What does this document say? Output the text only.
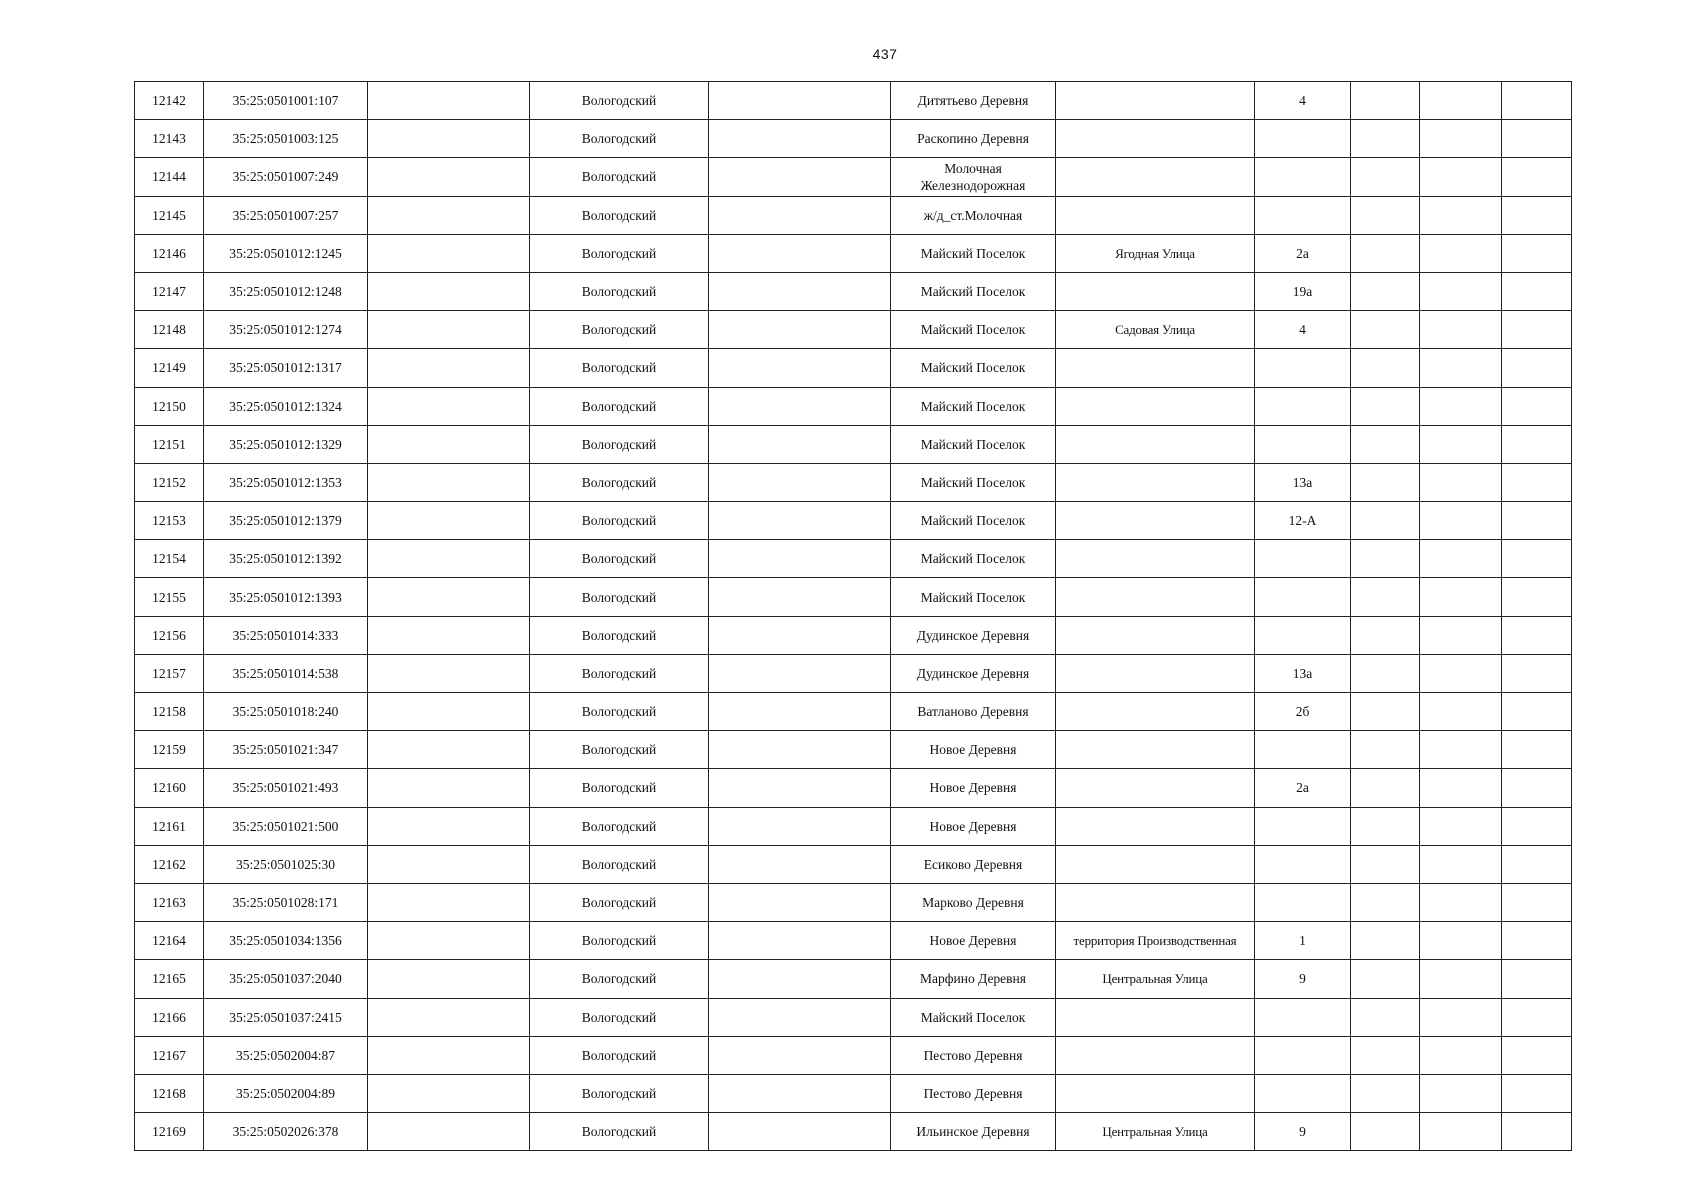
437
12142	35:25:0501001:107		Вологодский		Дитятьево Деревня		4			
12143	35:25:0501003:125		Вологодский		Раскопино Деревня					
12144	35:25:0501007:249		Вологодский		Молочная Железнодорожная					
12145	35:25:0501007:257		Вологодский		ж/д_ст.Молочная					
12146	35:25:0501012:1245		Вологодский		Майский Поселок	Ягодная Улица	2а			
12147	35:25:0501012:1248		Вологодский		Майский Поселок		19а			
12148	35:25:0501012:1274		Вологодский		Майский Поселок	Садовая Улица	4			
12149	35:25:0501012:1317		Вологодский		Майский Поселок					
12150	35:25:0501012:1324		Вологодский		Майский Поселок					
12151	35:25:0501012:1329		Вологодский		Майский Поселок					
12152	35:25:0501012:1353		Вологодский		Майский Поселок		13а			
12153	35:25:0501012:1379		Вологодский		Майский Поселок		12-А			
12154	35:25:0501012:1392		Вологодский		Майский Поселок					
12155	35:25:0501012:1393		Вологодский		Майский Поселок					
12156	35:25:0501014:333		Вологодский		Дудинское Деревня					
12157	35:25:0501014:538		Вологодский		Дудинское Деревня		13а			
12158	35:25:0501018:240		Вологодский		Ватланово Деревня		2б			
12159	35:25:0501021:347		Вологодский		Новое Деревня					
12160	35:25:0501021:493		Вологодский		Новое Деревня		2а			
12161	35:25:0501021:500		Вологодский		Новое Деревня					
12162	35:25:0501025:30		Вологодский		Есиково Деревня					
12163	35:25:0501028:171		Вологодский		Марково Деревня					
12164	35:25:0501034:1356		Вологодский		Новое Деревня	территория Производственная	1			
12165	35:25:0501037:2040		Вологодский		Марфино Деревня	Центральная Улица	9			
12166	35:25:0501037:2415		Вологодский		Майский Поселок					
12167	35:25:0502004:87		Вологодский		Пестово Деревня					
12168	35:25:0502004:89		Вологодский		Пестово Деревня					
12169	35:25:0502026:378		Вологодский		Ильинское Деревня	Центральная Улица	9			
